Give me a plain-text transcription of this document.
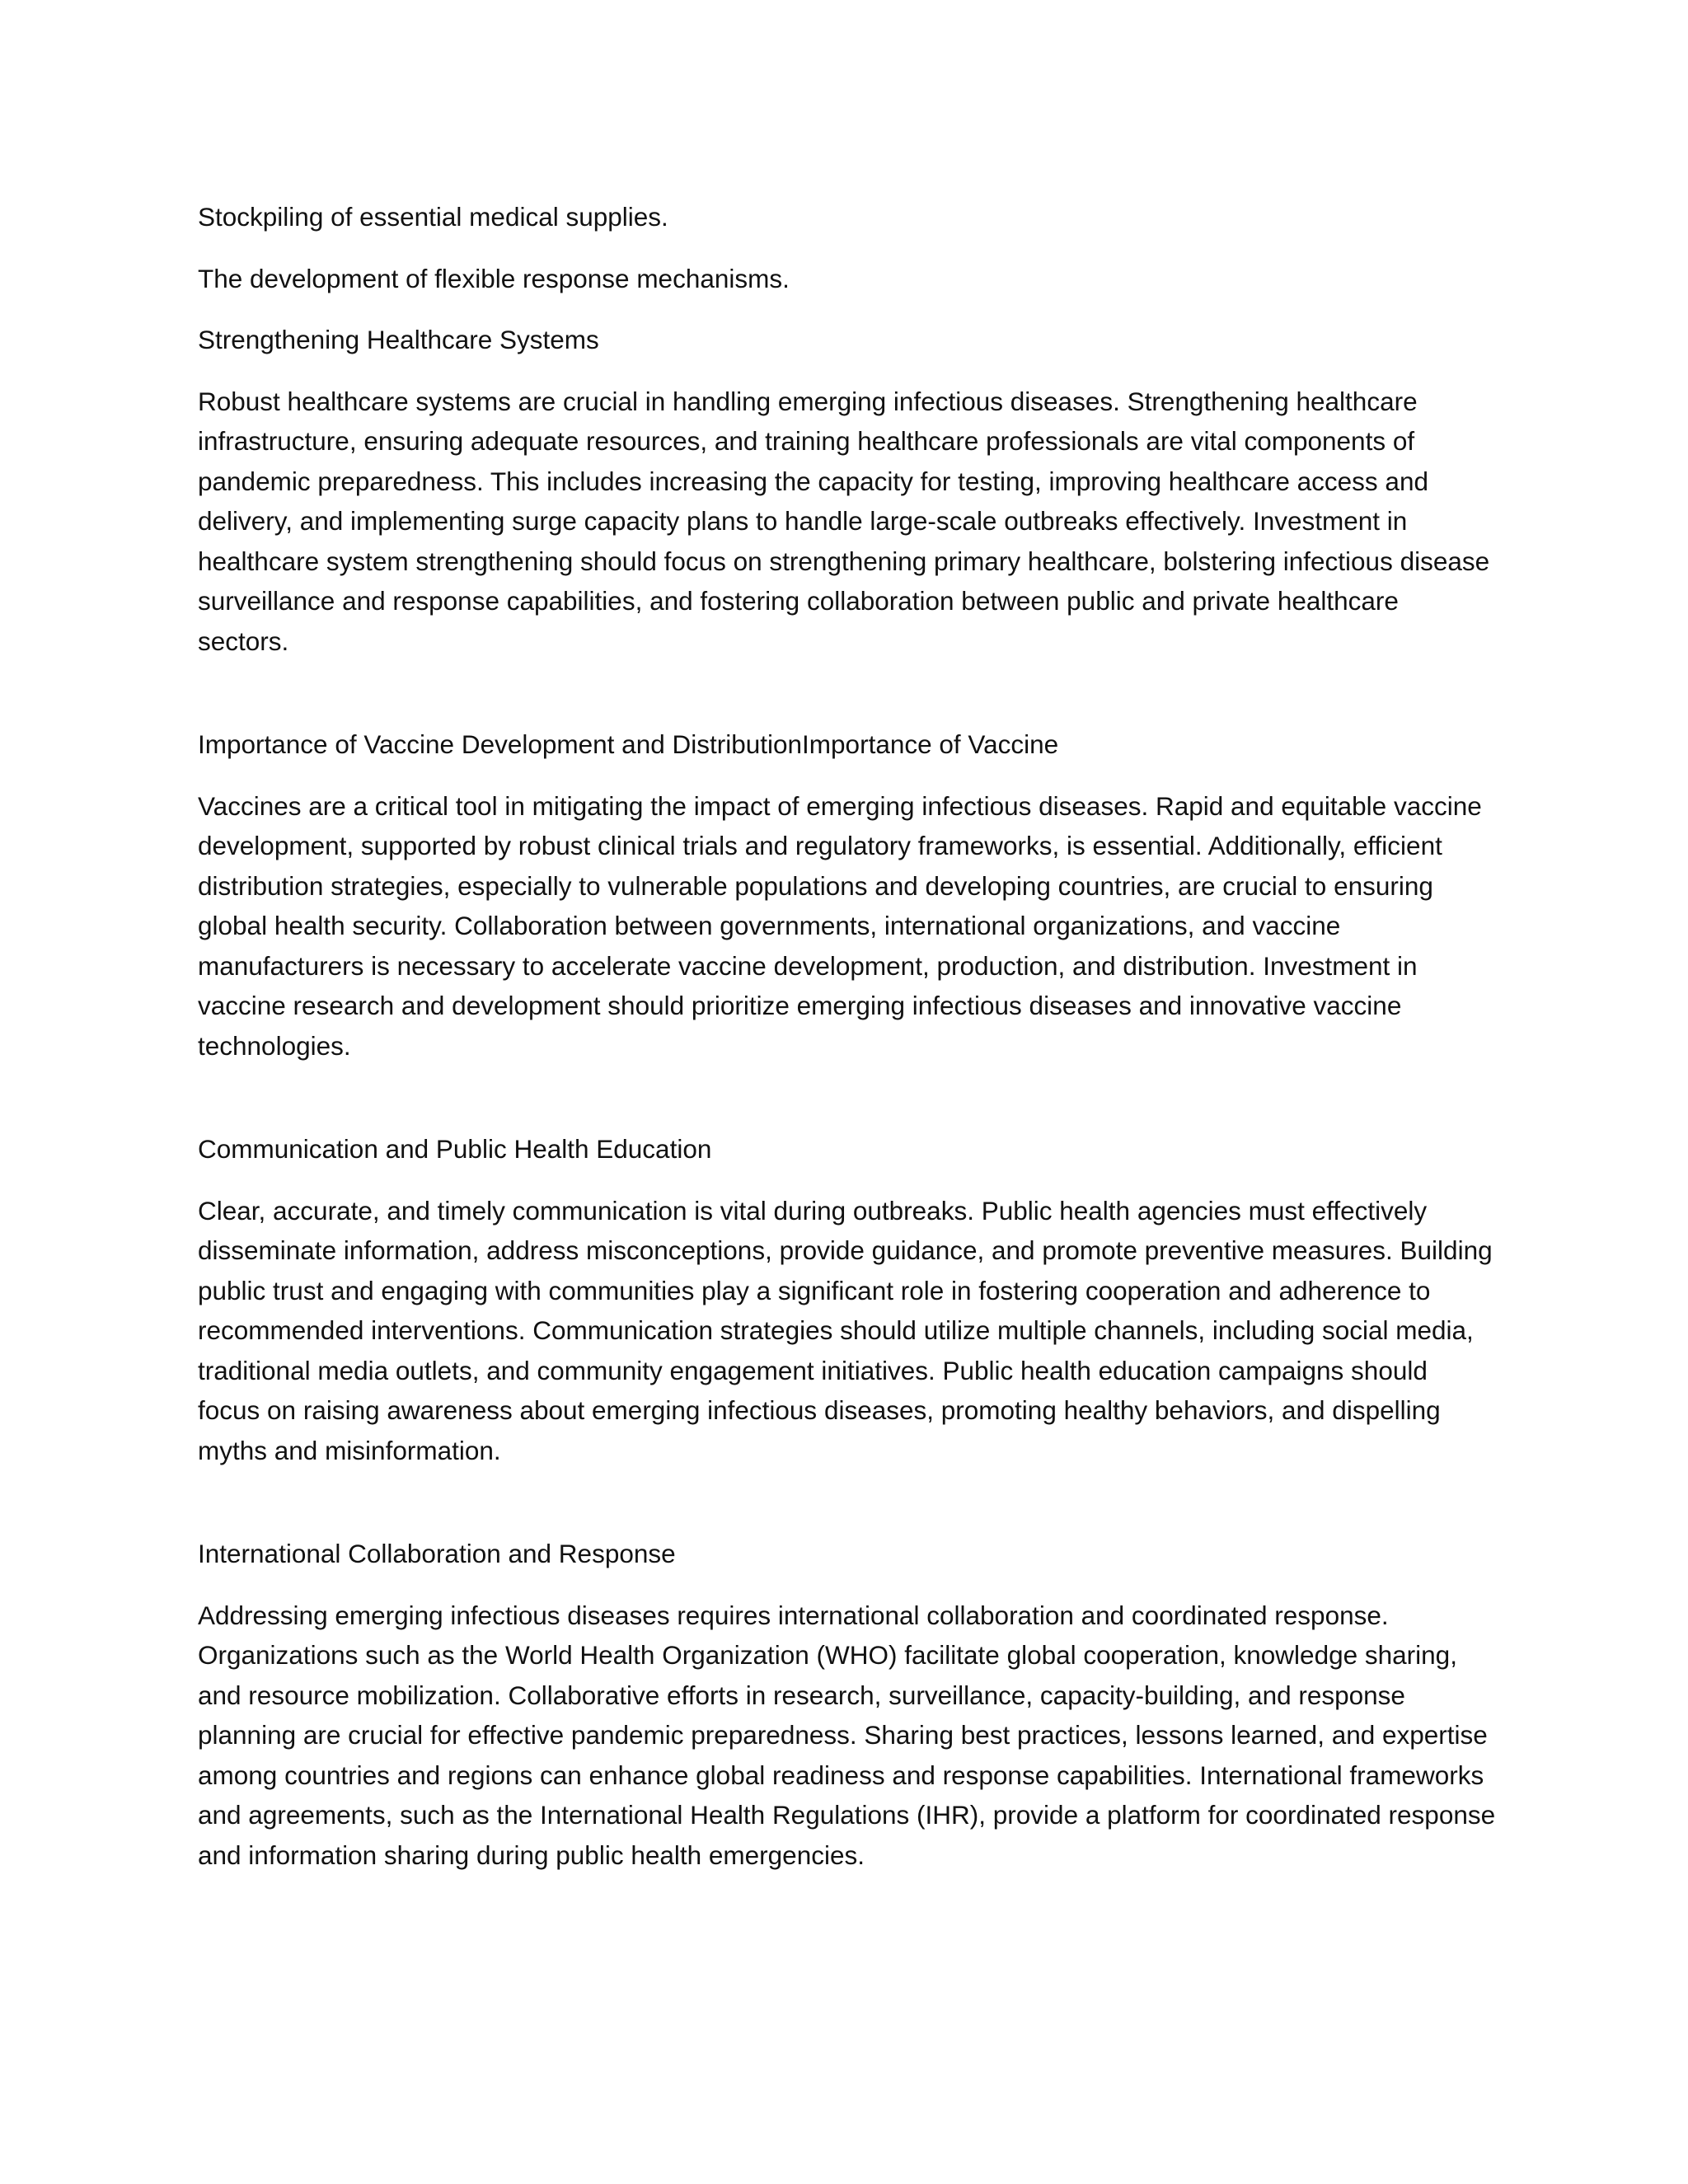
Stockpiling of essential medical supplies.

The development of flexible response mechanisms.

Strengthening Healthcare Systems

Robust healthcare systems are crucial in handling emerging infectious diseases. Strengthening healthcare infrastructure, ensuring adequate resources, and training healthcare professionals are vital components of pandemic preparedness. This includes increasing the capacity for testing, improving healthcare access and delivery, and implementing surge capacity plans to handle large-scale outbreaks effectively. Investment in healthcare system strengthening should focus on strengthening primary healthcare, bolstering infectious disease surveillance and response capabilities, and fostering collaboration between public and private healthcare sectors.

Importance of Vaccine Development and DistributionImportance of Vaccine

Vaccines are a critical tool in mitigating the impact of emerging infectious diseases. Rapid and equitable vaccine development, supported by robust clinical trials and regulatory frameworks, is essential. Additionally, efficient distribution strategies, especially to vulnerable populations and developing countries, are crucial to ensuring global health security. Collaboration between governments, international organizations, and vaccine manufacturers is necessary to accelerate vaccine development, production, and distribution. Investment in vaccine research and development should prioritize emerging infectious diseases and innovative vaccine technologies.

Communication and Public Health Education

Clear, accurate, and timely communication is vital during outbreaks. Public health agencies must effectively disseminate information, address misconceptions, provide guidance, and promote preventive measures. Building public trust and engaging with communities play a significant role in fostering cooperation and adherence to recommended interventions. Communication strategies should utilize multiple channels, including social media, traditional media outlets, and community engagement initiatives. Public health education campaigns should focus on raising awareness about emerging infectious diseases, promoting healthy behaviors, and dispelling myths and misinformation.

International Collaboration and Response

Addressing emerging infectious diseases requires international collaboration and coordinated response. Organizations such as the World Health Organization (WHO) facilitate global cooperation, knowledge sharing, and resource mobilization. Collaborative efforts in research, surveillance, capacity-building, and response planning are crucial for effective pandemic preparedness. Sharing best practices, lessons learned, and expertise among countries and regions can enhance global readiness and response capabilities. International frameworks and agreements, such as the International Health Regulations (IHR), provide a platform for coordinated response and information sharing during public health emergencies.
